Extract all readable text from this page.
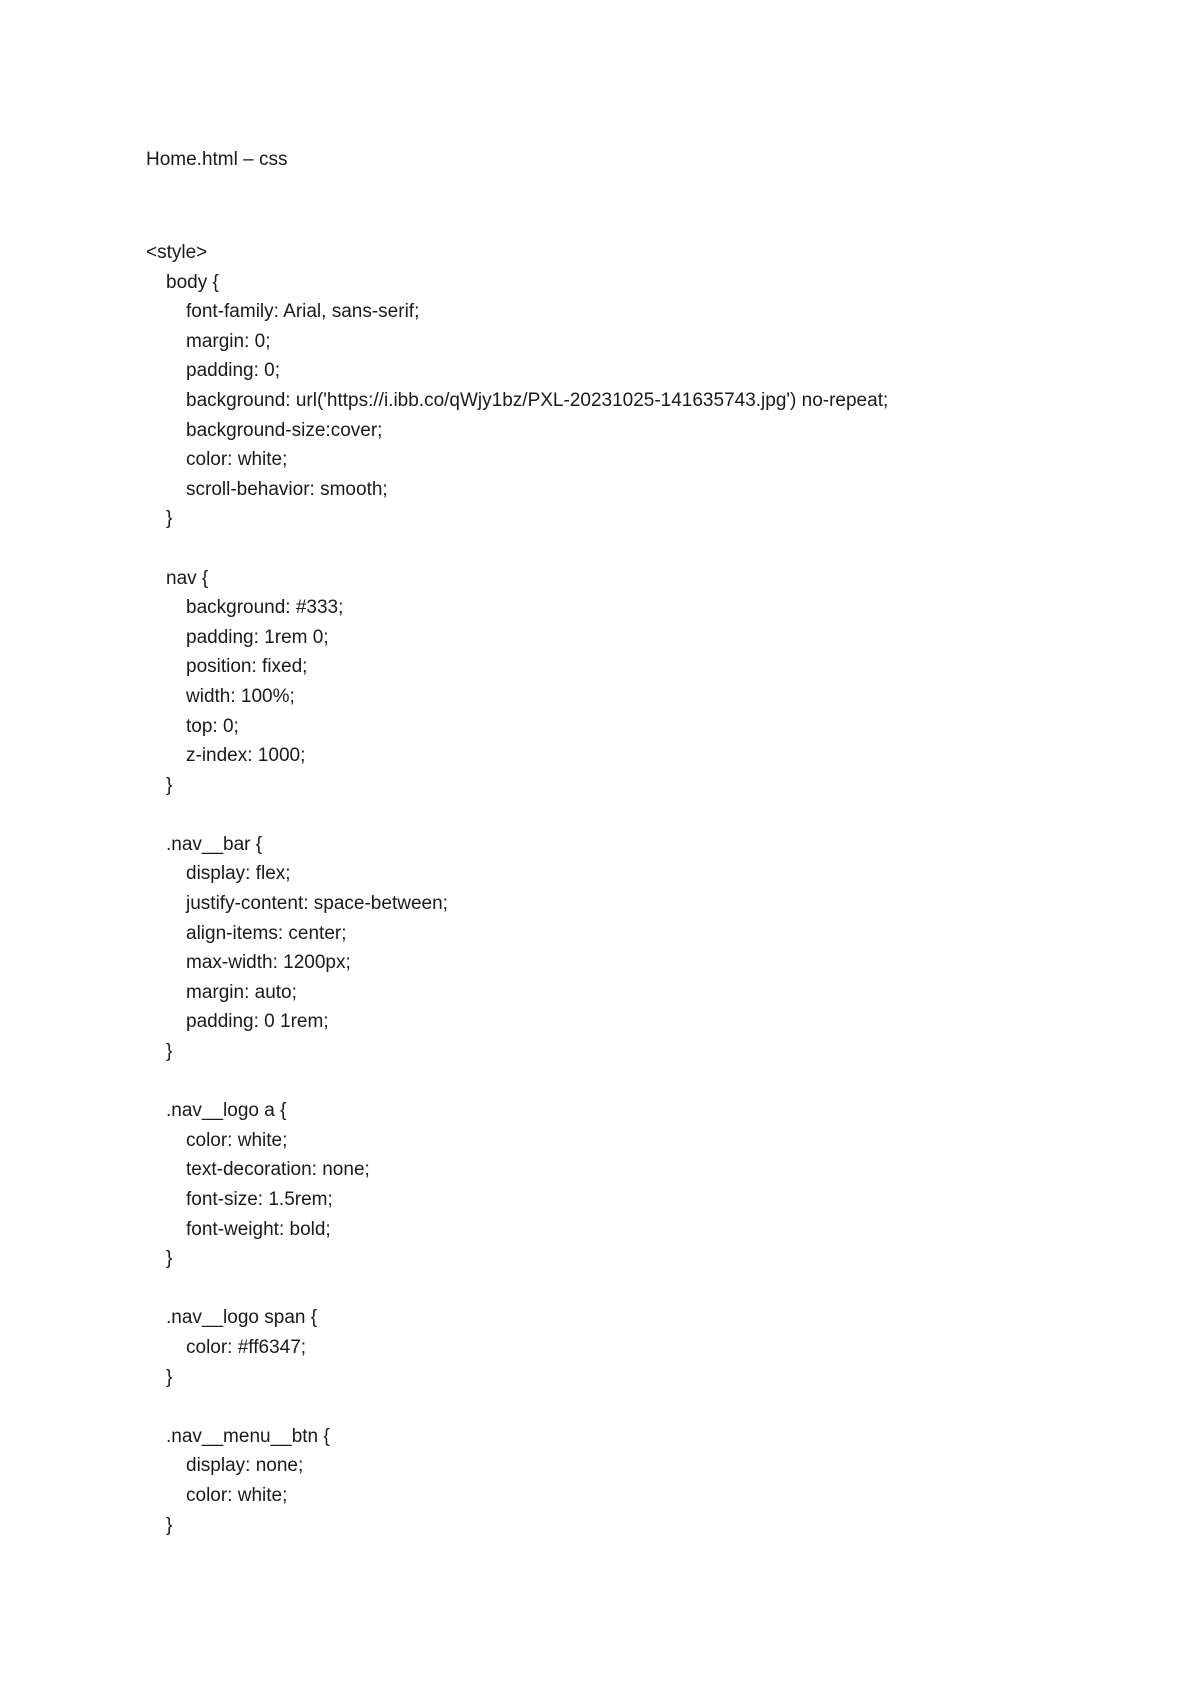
Home.html – css
<style>
body {
font-family: Arial, sans-serif;
margin: 0;
padding: 0;
background: url('https://i.ibb.co/qWjy1bz/PXL-20231025-141635743.jpg') no-repeat;
background-size:cover;
color: white;
scroll-behavior: smooth;
}
nav {
background: #333;
padding: 1rem 0;
position: fixed;
width: 100%;
top: 0;
z-index: 1000;
}
.nav__bar {
display: flex;
justify-content: space-between;
align-items: center;
max-width: 1200px;
margin: auto;
padding: 0 1rem;
}
.nav__logo a {
color: white;
text-decoration: none;
font-size: 1.5rem;
font-weight: bold;
}
.nav__logo span {
color: #ff6347;
}
.nav__menu__btn {
display: none;
color: white;
}
